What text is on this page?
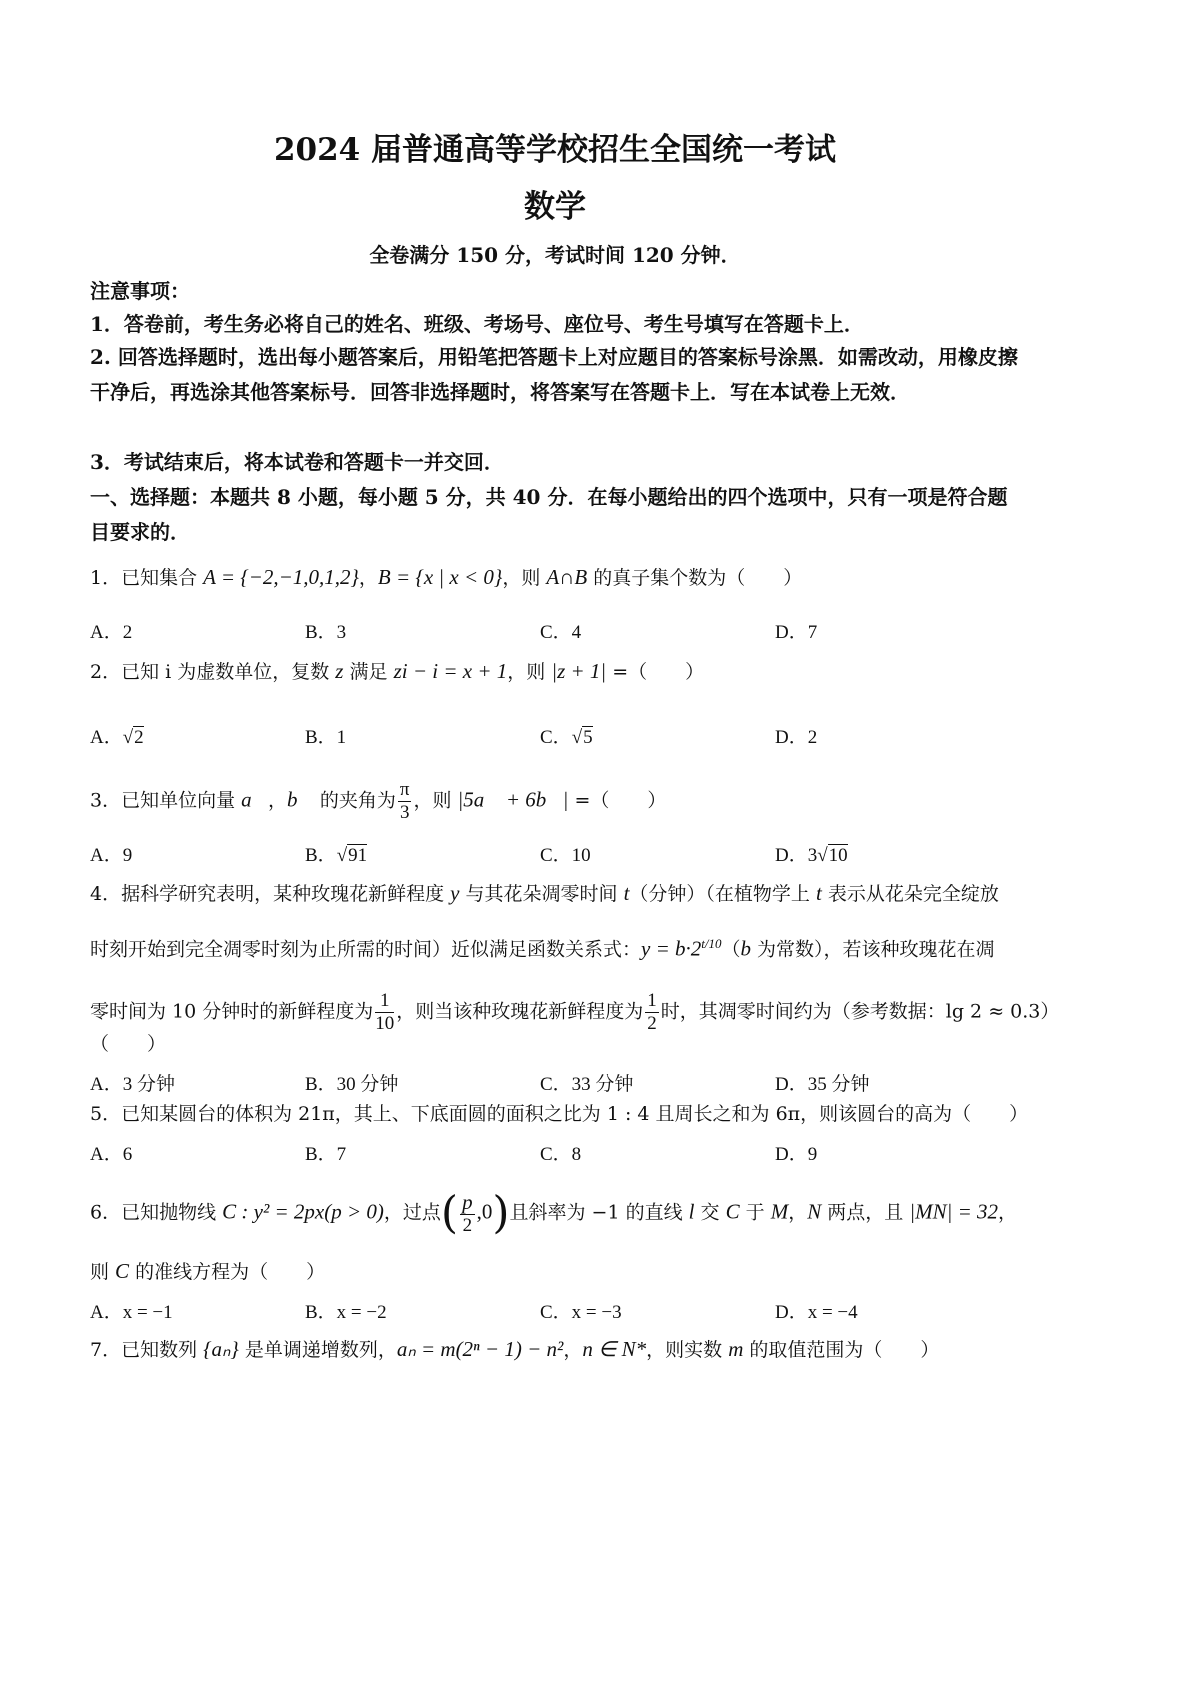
2024 届普通高等学校招生全国统一考试
数学
全卷满分 150 分，考试时间 120 分钟．
注意事项：
1．答卷前，考生务必将自己的姓名、班级、考场号、座位号、考生号填写在答题卡上．
2. 回答选择题时，选出每小题答案后，用铅笔把答题卡上对应题目的答案标号涂黑．如需改动，用橡皮擦干净后，再选涂其他答案标号．回答非选择题时，将答案写在答题卡上．写在本试卷上无效．
3．考试结束后，将本试卷和答题卡一并交回．
一、选择题：本题共 8 小题，每小题 5 分，共 40 分．在每小题给出的四个选项中，只有一项是符合题目要求的．
1．已知集合 A = {−2,−1,0,1,2}，B = {x | x < 0}，则 A∩B 的真子集个数为（　　）
A．2	B．3	C．4	D．7
2．已知 i 为虚数单位，复数 z 满足 zi − i = x + 1，则 |z + 1| =（　　）
A．√2	B．1	C．√5	D．2
3．已知单位向量 a⃗，b⃗ 的夹角为 $\frac{\pi}{3}$ ，则 |5a⃗ + 6b⃗| =（　　）
A．9	B．√91	C．10	D．3√10
4．据科学研究表明，某种玫瑰花新鲜程度 y 与其花朵凋零时间 t（分钟）（在植物学上 t 表示从花朵完全绽放
时刻开始到完全凋零时刻为止所需的时间）近似满足函数关系式：$y = b\cdot 2^{t/10}(b$ 为常数），若该种玫瑰花在凋
零时间为 10 分钟时的新鲜程度为 $\frac{1}{10}$ ，则当该种玫瑰花新鲜程度为 $\frac{1}{2}$ 时，其凋零时间约为（参考数据：lg 2 ≈ 0.3）
（　　）
A．3 分钟	B．30 分钟	C．33 分钟	D．35 分钟
5．已知某圆台的体积为 21π，其上、下底面圆的面积之比为 1 : 4 且周长之和为 6π，则该圆台的高为（　　）
A．6	B．7	C．8	D．9
6．已知抛物线 C : y² = 2px(p > 0)，过点( $\frac{p}{2} ,0$)且斜率为 −1 的直线 l 交 C 于 M，N 两点，且 |MN| = 32，
则 C 的准线方程为（　　）
A．x = −1	B．x = −2	C．x = −3	D．x = −4
7．已知数列 {aₙ} 是单调递增数列，aₙ = m(2ⁿ − 1) − n²，n ∈ N*，则实数 m 的取值范围为（　　）
